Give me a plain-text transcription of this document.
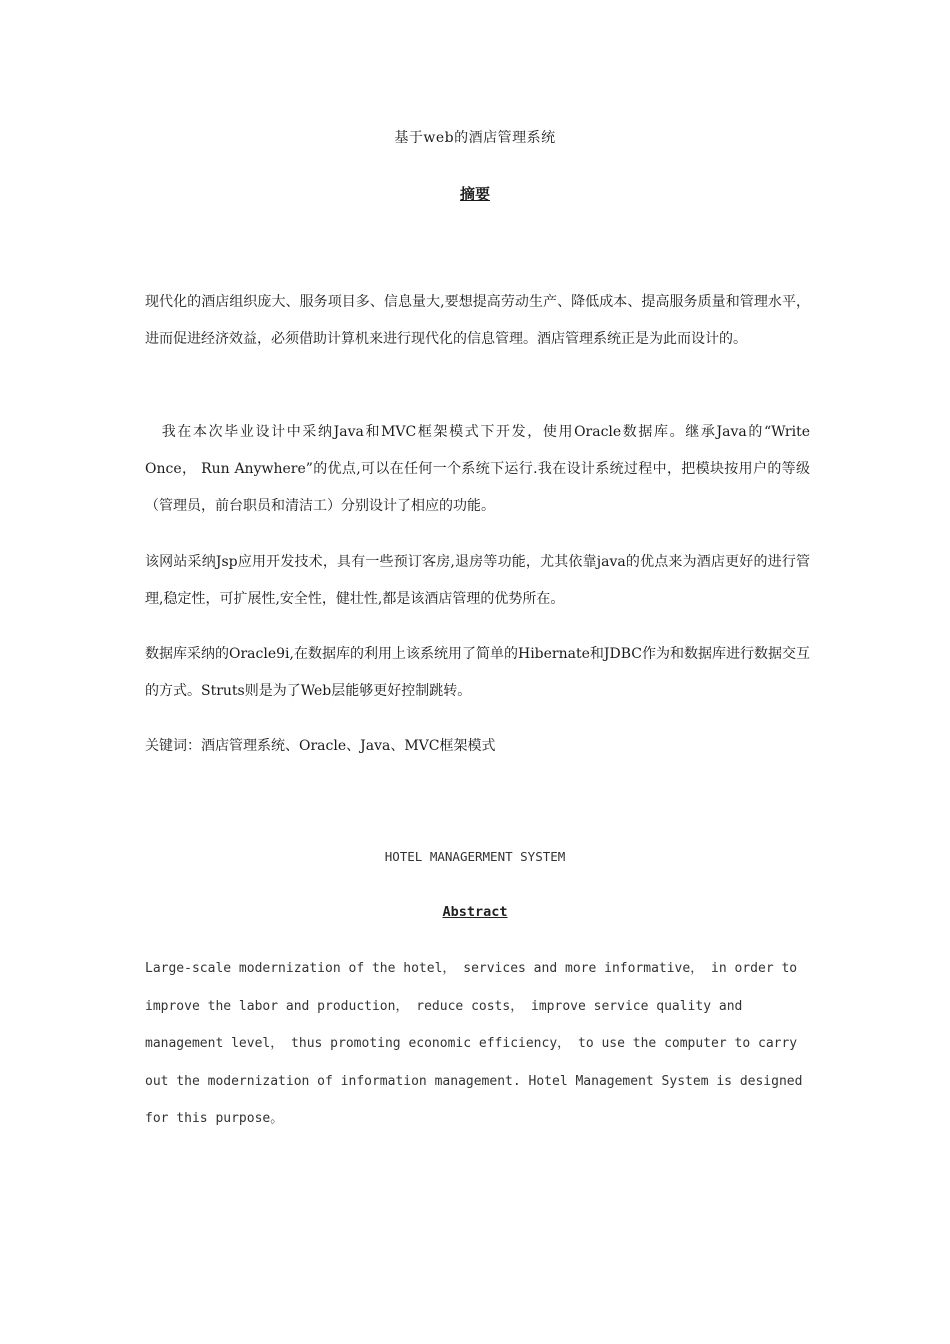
基于web的酒店管理系统
摘要

现代化的酒店组织庞大、服务项目多、信息量大,要想提高劳动生产、降低成本、提高服务质量和管理水平，进而促进经济效益，必须借助计算机来进行现代化的信息管理。酒店管理系统正是为此而设计的。

我在本次毕业设计中采纳Java和MVC框架模式下开发，使用Oracle数据库。继承Java的“Write Once， Run Anywhere”的优点,可以在任何一个系统下运行.我在设计系统过程中，把模块按用户的等级（管理员，前台职员和清洁工）分别设计了相应的功能。

该网站采纳Jsp应用开发技术，具有一些预订客房,退房等功能，尤其依靠java的优点来为酒店更好的进行管理,稳定性，可扩展性,安全性，健壮性,都是该酒店管理的优势所在。

数据库采纳的Oracle9i,在数据库的利用上该系统用了简单的Hibernate和JDBC作为和数据库进行数据交互的方式。Struts则是为了Web层能够更好控制跳转。

关键词：酒店管理系统、Oracle、Java、MVC框架模式

HOTEL MANAGERMENT SYSTEM
Abstract

Large-scale modernization of the hotel， services and more informative， in order to improve the labor and production， reduce costs， improve service quality and management level， thus promoting economic efficiency， to use the computer to carry out the modernization of information management. Hotel Management System is designed for this purpose。
